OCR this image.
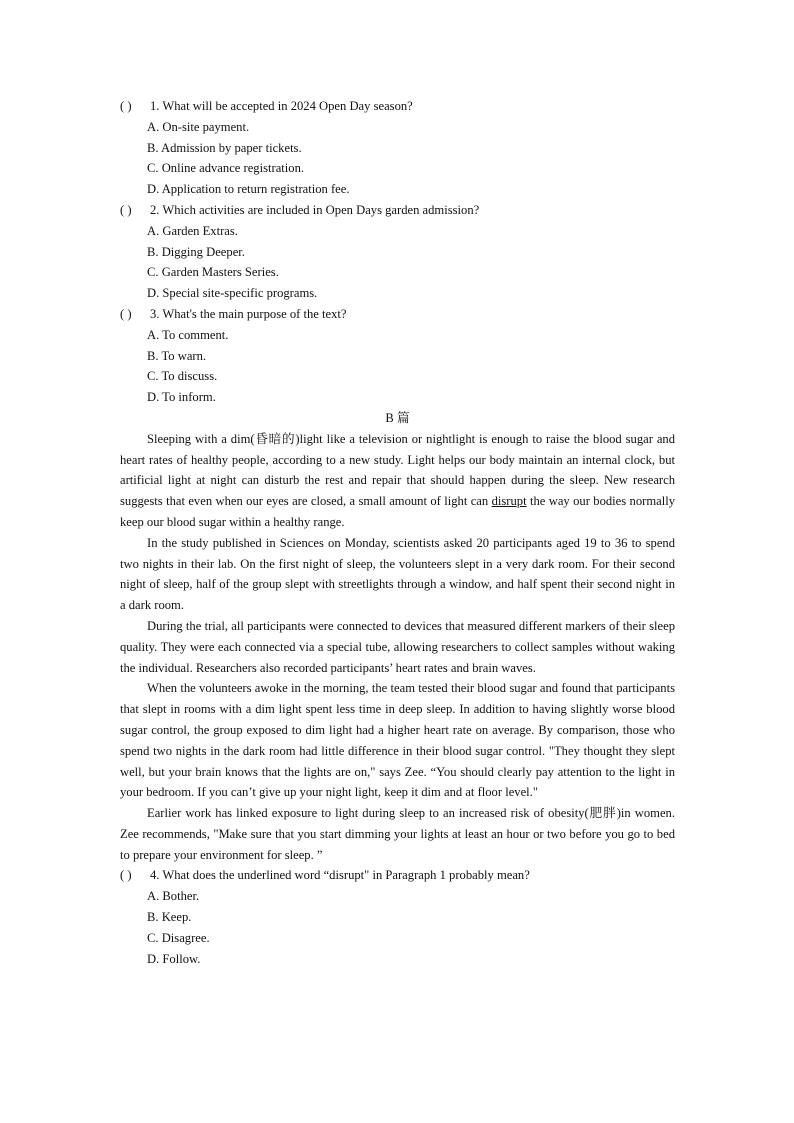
( ) 1. What will be accepted in 2024 Open Day season?

A. On-site payment.

B. Admission by paper tickets.

C. Online advance registration.

D. Application to return registration fee.

( ) 2. Which activities are included in Open Days garden admission?

A. Garden Extras.

B. Digging Deeper.

C. Garden Masters Series.

D. Special site-specific programs.

( ) 3. What's the main purpose of the text?

A. To comment.

B. To warn.

C. To discuss.

D. To inform.

B 篇

Sleeping with a dim(昏暗的)light like a television or nightlight is enough to raise the blood sugar and heart rates of healthy people, according to a new study. Light helps our body maintain an internal clock, but artificial light at night can disturb the rest and repair that should happen during the sleep. New research suggests that even when our eyes are closed, a small amount of light can disrupt the way our bodies normally keep our blood sugar within a healthy range.

In the study published in Sciences on Monday, scientists asked 20 participants aged 19 to 36 to spend two nights in their lab. On the first night of sleep, the volunteers slept in a very dark room. For their second night of sleep, half of the group slept with streetlights through a window, and half spent their second night in a dark room.

During the trial, all participants were connected to devices that measured different markers of their sleep quality. They were each connected via a special tube, allowing researchers to collect samples without waking the individual. Researchers also recorded participants’ heart rates and brain waves.

When the volunteers awoke in the morning, the team tested their blood sugar and found that participants that slept in rooms with a dim light spent less time in deep sleep. In addition to having slightly worse blood sugar control, the group exposed to dim light had a higher heart rate on average. By comparison, those who spend two nights in the dark room had little difference in their blood sugar control. "They thought they slept well, but your brain knows that the lights are on," says Zee. “You should clearly pay attention to the light in your bedroom. If you can’t give up your night light, keep it dim and at floor level."

Earlier work has linked exposure to light during sleep to an increased risk of obesity(肥胖)in women. Zee recommends, "Make sure that you start dimming your lights at least an hour or two before you go to bed to prepare your environment for sleep. ”

( ) 4. What does the underlined word “disrupt" in Paragraph 1 probably mean?

A. Bother.

B. Keep.

C. Disagree.

D. Follow.
